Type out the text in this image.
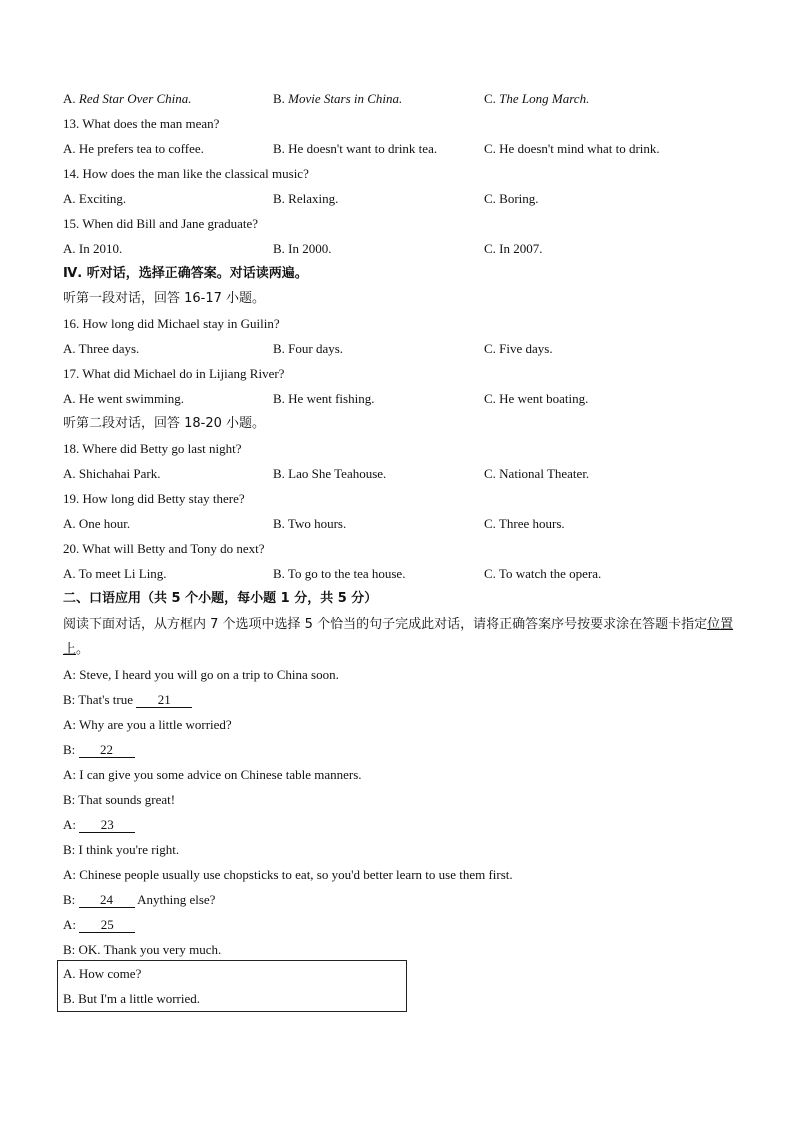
A. Red Star Over China.	B. Movie Stars in China.	C. The Long March.
13. What does the man mean?
A. He prefers tea to coffee.	B. He doesn't want to drink tea.	C. He doesn't mind what to drink.
14. How does the man like the classical music?
A. Exciting.	B. Relaxing.	C. Boring.
15. When did Bill and Jane graduate?
A. In 2010.	B. In 2000.	C. In 2007.
Ⅳ. 听对话，选择正确答案。对话读两遍。
听第一段对话，回答 16-17 小题。
16. How long did Michael stay in Guilin?
A. Three days.	B. Four days.	C. Five days.
17. What did Michael do in Lijiang River?
A. He went swimming.	B. He went fishing.	C. He went boating.
听第二段对话，回答 18-20 小题。
18. Where did Betty go last night?
A. Shichahai Park.	B. Lao She Teahouse.	C. National Theater.
19. How long did Betty stay there?
A. One hour.	B. Two hours.	C. Three hours.
20. What will Betty and Tony do next?
A. To meet Li Ling.	B. To go to the tea house.	C. To watch the opera.
二、口语应用（共 5 个小题，每小题 1 分，共 5 分）
阅读下面对话，从方框内 7 个选项中选择 5 个恰当的句子完成此对话，请将正确答案序号按要求涂在答题卡指定位置上。
A: Steve, I heard you will go on a trip to China soon.
B: That's true 21
A: Why are you a little worried?
B: 22
A: I can give you some advice on Chinese table manners.
B: That sounds great!
A: 23
B: I think you're right.
A: Chinese people usually use chopsticks to eat, so you'd better learn to use them first.
B: 24 Anything else?
A: 25
B: OK. Thank you very much.
A. How come?
B. But I'm a little worried.
